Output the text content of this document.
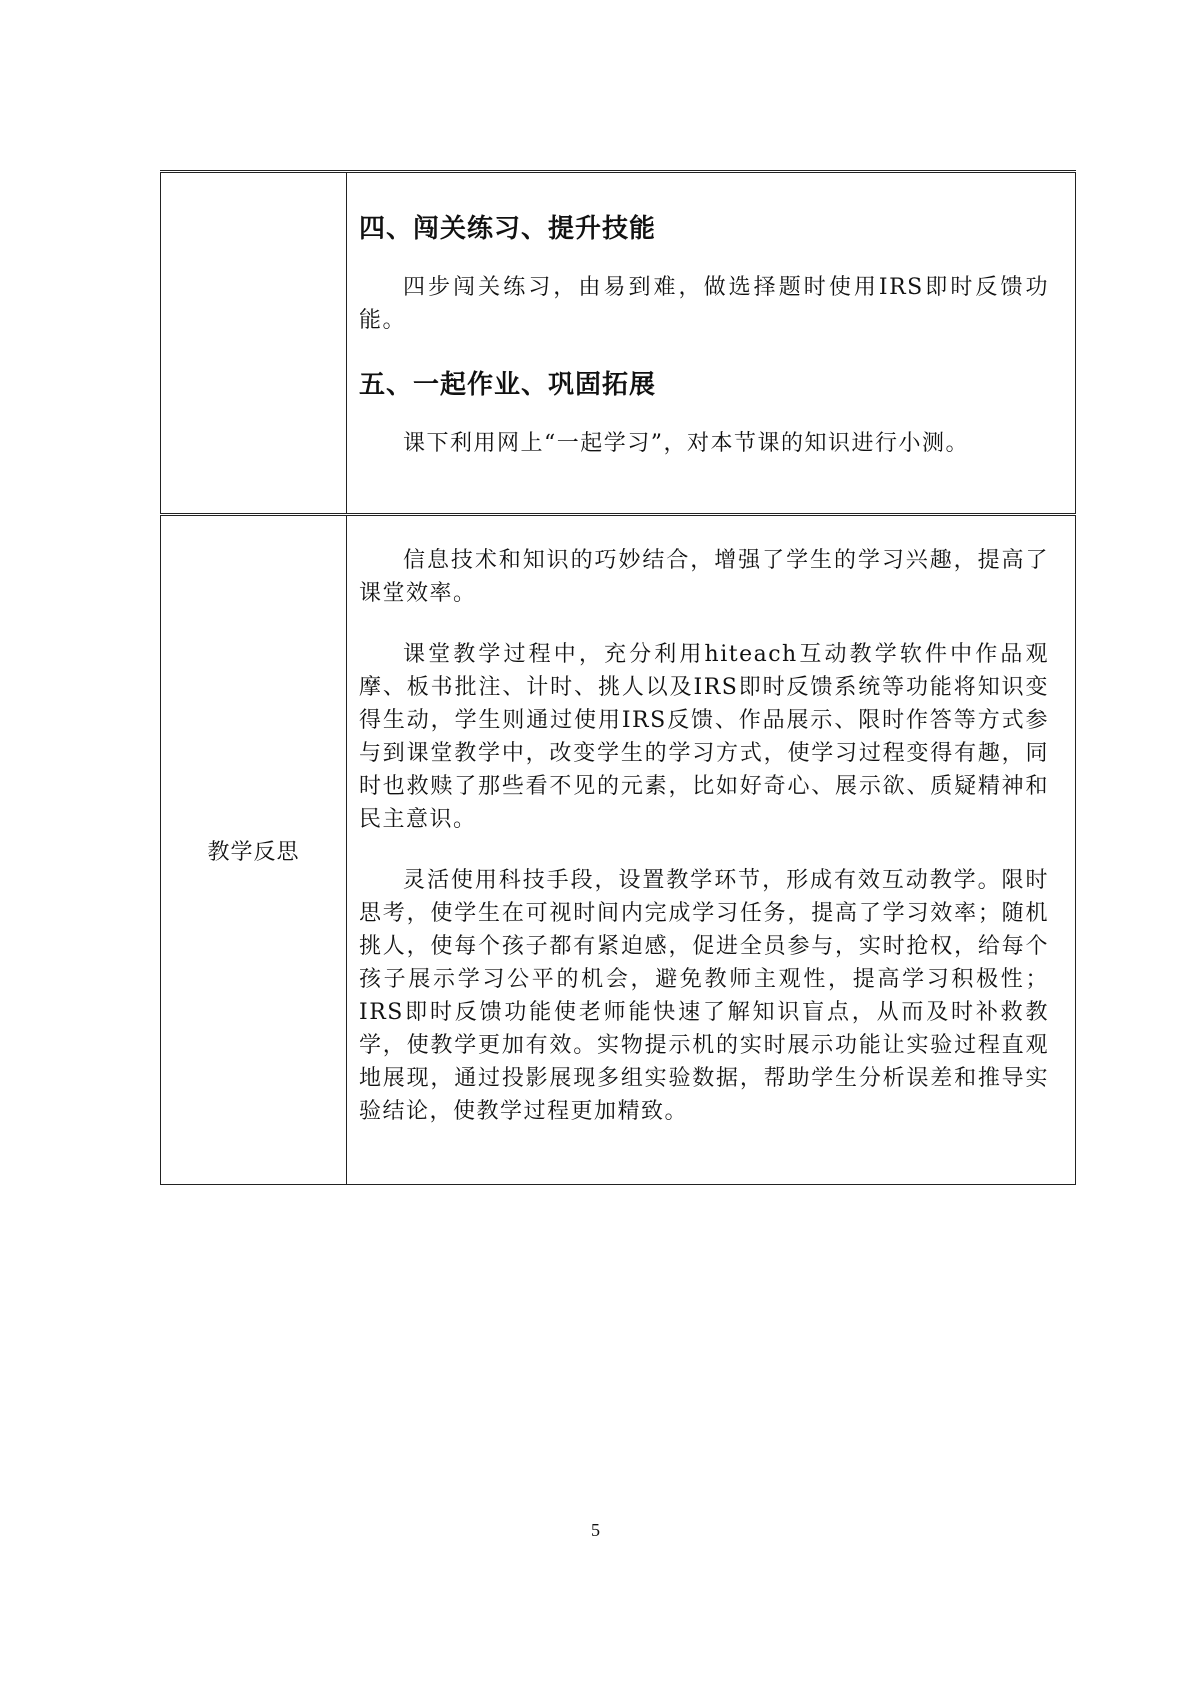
	四、闯关练习、提升技能

四步闯关练习，由易到难，做选择题时使用IRS即时反馈功能。

五、一起作业、巩固拓展

课下利用网上“一起学习”，对本节课的知识进行小测。

教学反思	信息技术和知识的巧妙结合，增强了学生的学习兴趣，提高了课堂效率。

课堂教学过程中，充分利用hiteach互动教学软件中作品观摩、板书批注、计时、挑人以及IRS即时反馈系统等功能将知识变得生动，学生则通过使用IRS反馈、作品展示、限时作答等方式参与到课堂教学中，改变学生的学习方式，使学习过程变得有趣，同时也救赎了那些看不见的元素，比如好奇心、展示欲、质疑精神和民主意识。

灵活使用科技手段，设置教学环节，形成有效互动教学。限时思考，使学生在可视时间内完成学习任务，提高了学习效率；随机挑人，使每个孩子都有紧迫感，促进全员参与，实时抢权，给每个孩子展示学习公平的机会，避免教师主观性，提高学习积极性；IRS即时反馈功能使老师能快速了解知识盲点，从而及时补救教学，使教学更加有效。实物提示机的实时展示功能让实验过程直观地展现，通过投影展现多组实验数据，帮助学生分析误差和推导实验结论，使教学过程更加精致。

5
